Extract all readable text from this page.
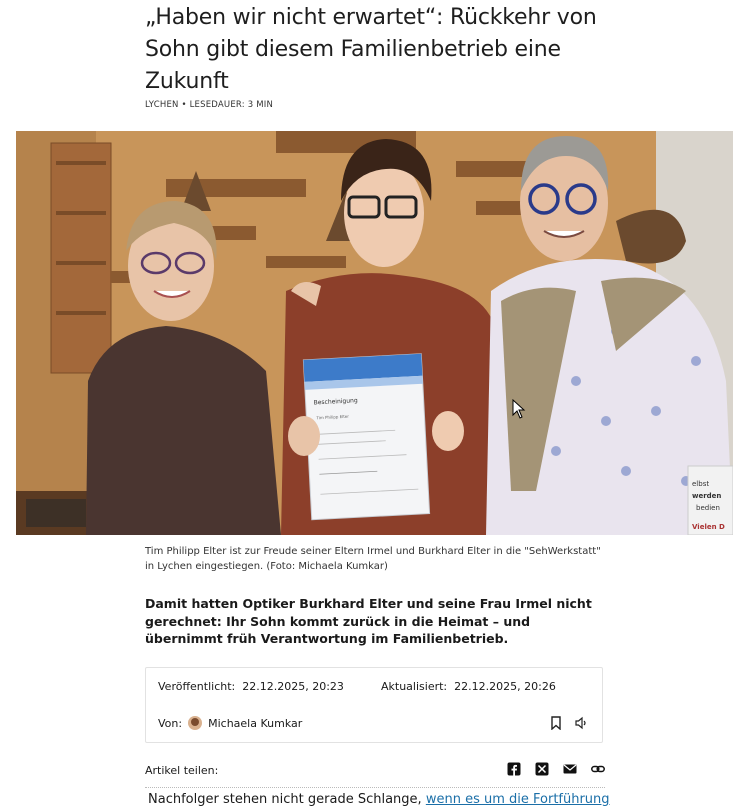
„Haben wir nicht erwartet“: Rückkehr von Sohn gibt diesem Familienbetrieb eine Zukunft
LYCHEN • LESEDAUER: 3 MIN
Bescheinigung
Tim Philipp Elter
elbst
werden
bedien
Vielen D
Tim Philipp Elter ist zur Freude seiner Eltern Irmel und Burkhard Elter in die "SehWerkstatt" in Lychen eingestiegen. (Foto: Michaela Kumkar)
Damit hatten Optiker Burkhard Elter und seine Frau Irmel nicht gerechnet: Ihr Sohn kommt zurück in die Heimat – und übernimmt früh Verantwortung im Familienbetrieb.
Veröffentlicht: 22.12.2025, 20:23	Aktualisiert: 22.12.2025, 20:26
Von: Michaela Kumkar
Artikel teilen:
Nachfolger stehen nicht gerade Schlange, wenn es um die Fortführung
